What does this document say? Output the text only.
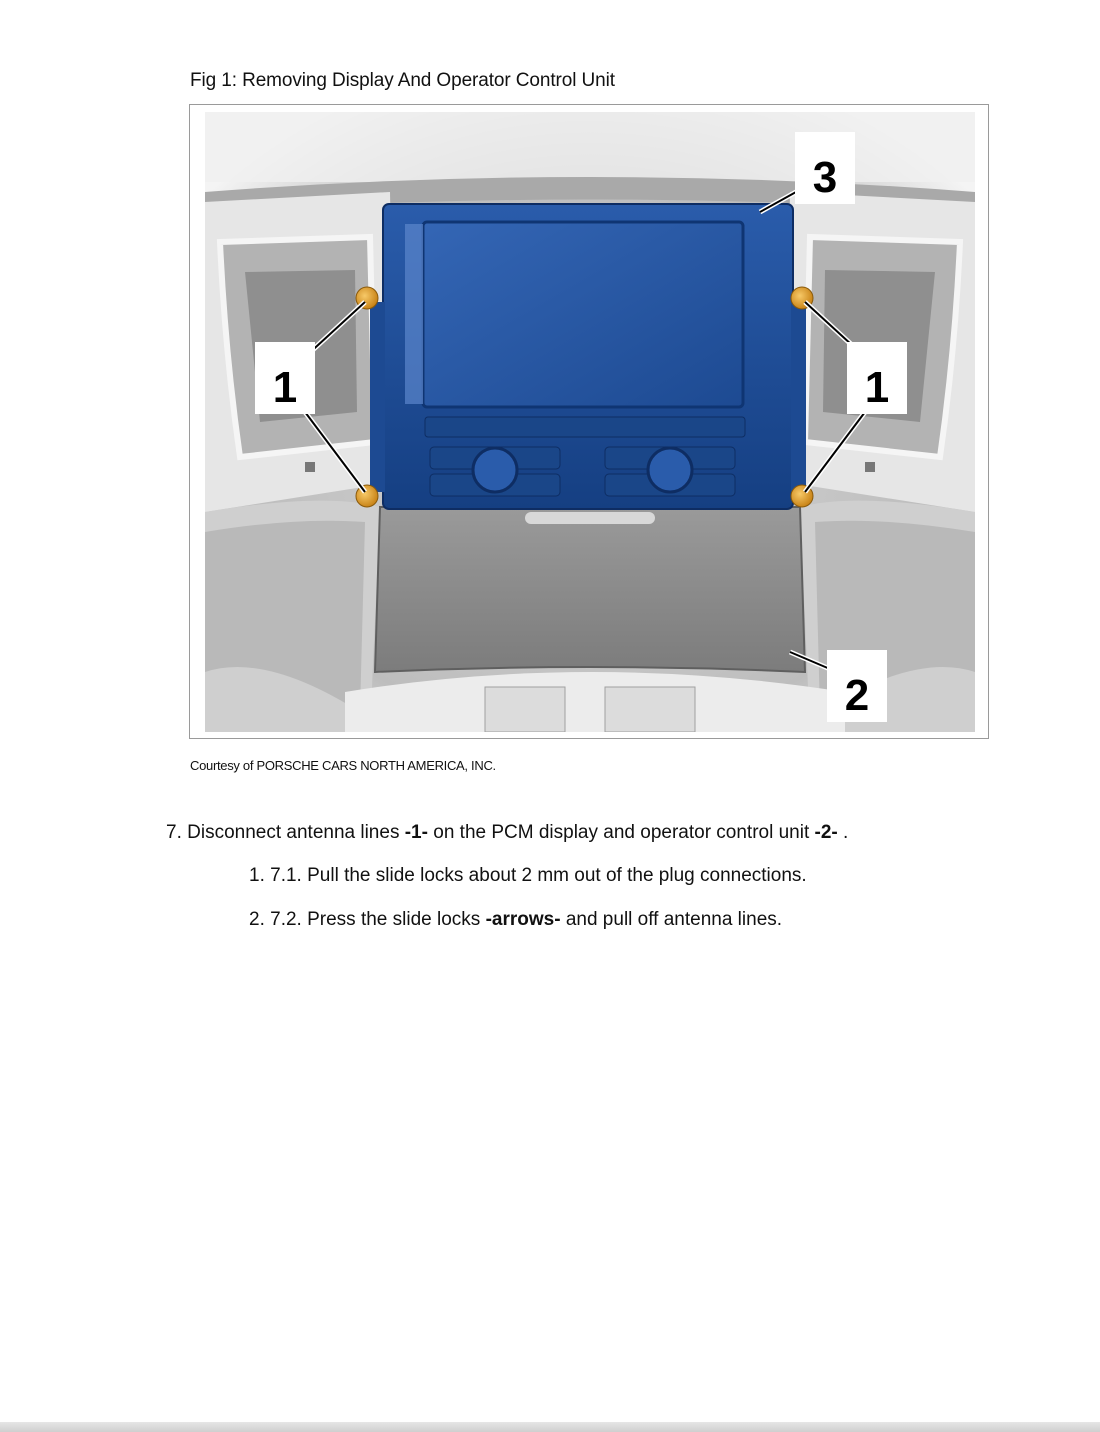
Fig 1: Removing Display And Operator Control Unit
1	1
3
2
Courtesy of PORSCHE CARS NORTH AMERICA, INC.
7. Disconnect antenna lines -1- on the PCM display and operator control unit -2- .
1. 7.1. Pull the slide locks about 2 mm out of the plug connections.
2. 7.2. Press the slide locks -arrows- and pull off antenna lines.
